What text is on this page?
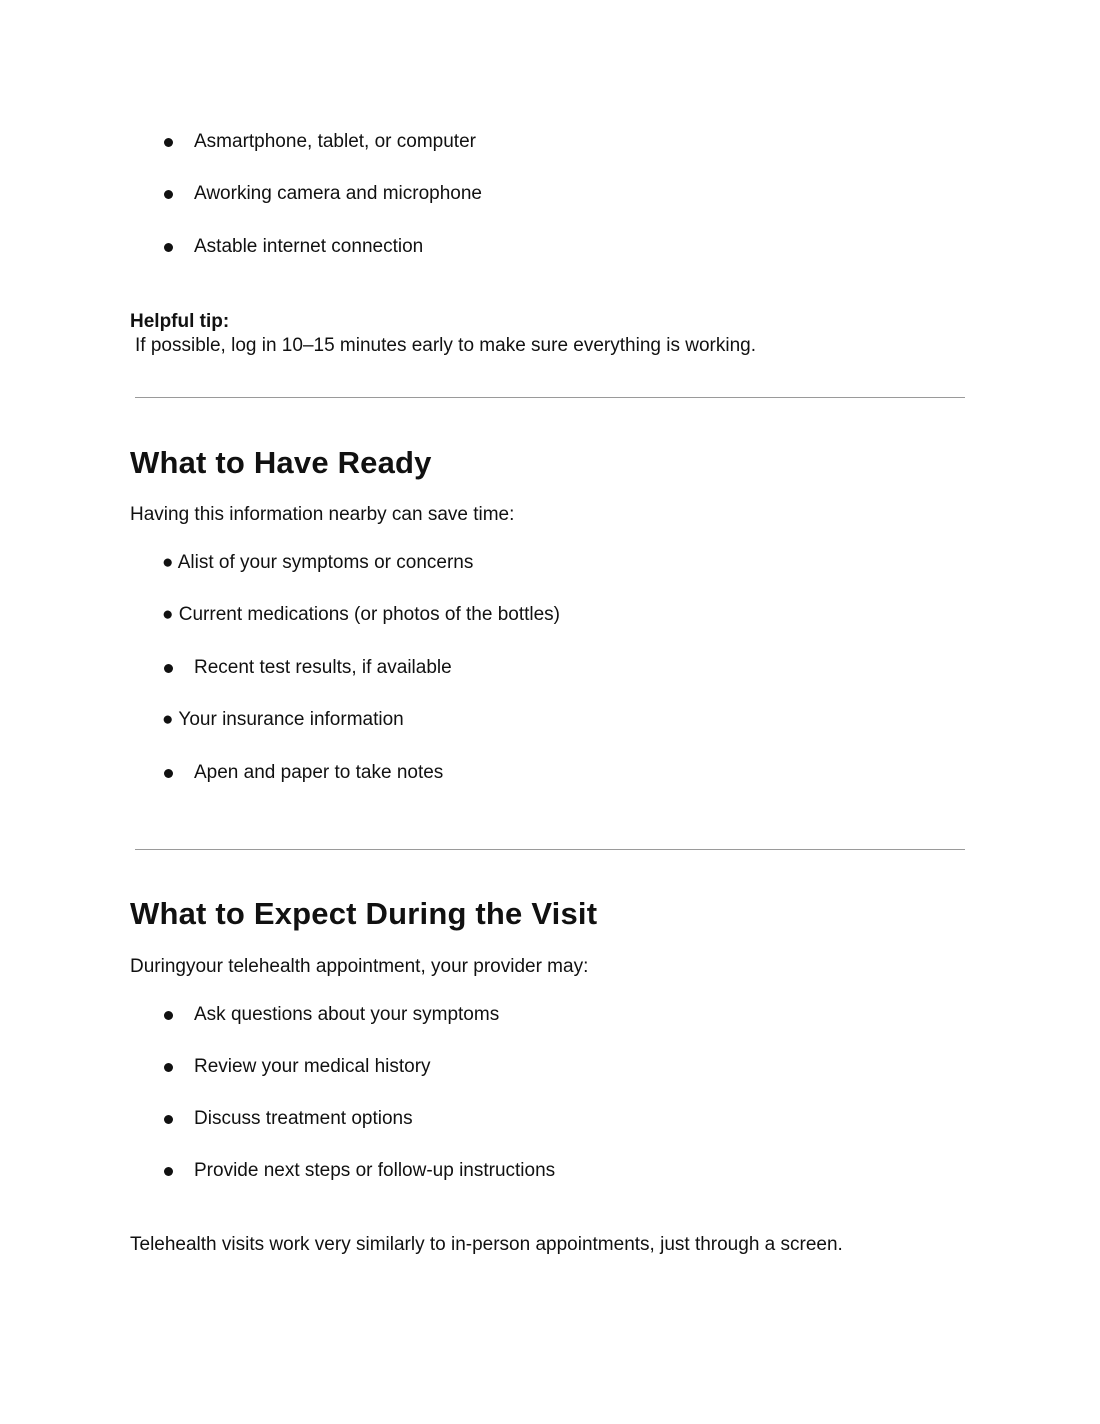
Asmartphone, tablet, or computer
Aworking camera and microphone
Astable internet connection
Helpful tip:
If possible, log in 10–15 minutes early to make sure everything is working.
What to Have Ready
Having this information nearby can save time:
● Alist of your symptoms or concerns
● Current medications (or photos of the bottles)
Recent test results, if available
● Your insurance information
Apen and paper to take notes
What to Expect During the Visit
Duringyour telehealth appointment, your provider may:
Ask questions about your symptoms
Review your medical history
Discuss treatment options
Provide next steps or follow-up instructions
Telehealth visits work very similarly to in-person appointments, just through a screen.
